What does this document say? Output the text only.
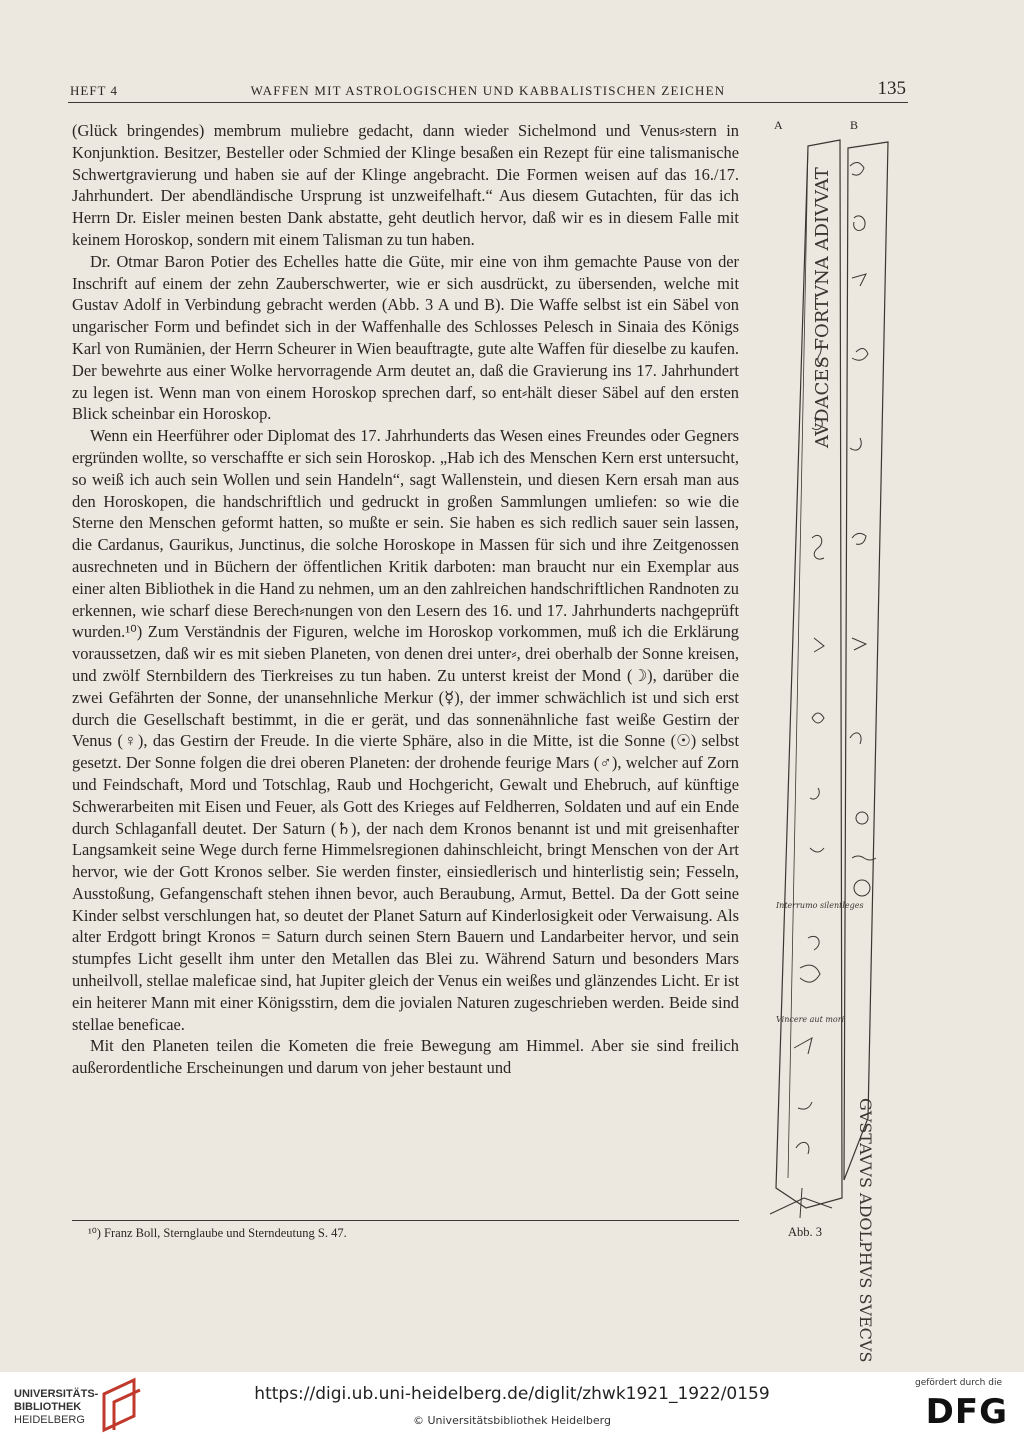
HEFT 4	WAFFEN MIT ASTROLOGISCHEN UND KABBALISTISCHEN ZEICHEN	135

(Glück bringendes) membrum muliebre gedacht, dann wieder Sichelmond und Venus⸗stern in Konjunktion. Besitzer, Besteller oder Schmied der Klinge besaßen ein Rezept für eine talismanische Schwertgravierung und haben sie auf der Klinge angebracht. Die Formen weisen auf das 16./17. Jahrhundert. Der abendländische Ursprung ist unzweifelhaft.“ Aus diesem Gutachten, für das ich Herrn Dr. Eisler meinen besten Dank abstatte, geht deutlich hervor, daß wir es in diesem Falle mit keinem Horoskop, sondern mit einem Talisman zu tun haben.

Dr. Otmar Baron Potier des Echelles hatte die Güte, mir eine von ihm gemachte Pause von der Inschrift auf einem der zehn Zauberschwerter, wie er sich ausdrückt, zu übersenden, welche mit Gustav Adolf in Verbindung gebracht werden (Abb. 3 A und B). Die Waffe selbst ist ein Säbel von ungarischer Form und befindet sich in der Waffenhalle des Schlosses Pelesch in Sinaia des Königs Karl von Rumänien, der Herrn Scheurer in Wien beauftragte, gute alte Waffen für dieselbe zu kaufen. Der bewehrte aus einer Wolke hervorragende Arm deutet an, daß die Gravierung ins 17. Jahrhundert zu legen ist. Wenn man von einem Horoskop sprechen darf, so ent⸗hält dieser Säbel auf den ersten Blick scheinbar ein Horoskop.

Wenn ein Heerführer oder Diplomat des 17. Jahrhunderts das Wesen eines Freundes oder Gegners ergründen wollte, so verschaffte er sich sein Horoskop. „Hab ich des Menschen Kern erst untersucht, so weiß ich auch sein Wollen und sein Handeln“, sagt Wallenstein, und diesen Kern ersah man aus den Horoskopen, die handschriftlich und gedruckt in großen Sammlungen umliefen: so wie die Sterne den Menschen geformt hatten, so mußte er sein. Sie haben es sich redlich sauer sein lassen, die Cardanus, Gaurikus, Junctinus, die solche Horoskope in Massen für sich und ihre Zeitgenossen ausrechneten und in Büchern der öffentlichen Kritik darboten: man braucht nur ein Exemplar aus einer alten Bibliothek in die Hand zu nehmen, um an den zahlreichen handschriftlichen Randnoten zu erkennen, wie scharf diese Berech⸗nungen von den Lesern des 16. und 17. Jahrhunderts nachgeprüft wurden.¹⁰) Zum Verständnis der Figuren, welche im Horoskop vorkommen, muß ich die Erklärung voraussetzen, daß wir es mit sieben Planeten, von denen drei unter⸗, drei oberhalb der Sonne kreisen, und zwölf Sternbildern des Tierkreises zu tun haben. Zu unterst kreist der Mond (☽), darüber die zwei Gefährten der Sonne, der unansehnliche Merkur (☿), der immer schwächlich ist und sich erst durch die Gesellschaft bestimmt, in die er gerät, und das sonnenähnliche fast weiße Gestirn der Venus (♀), das Gestirn der Freude. In die vierte Sphäre, also in die Mitte, ist die Sonne (☉) selbst gesetzt. Der Sonne folgen die drei oberen Planeten: der drohende feurige Mars (♂), welcher auf Zorn und Feindschaft, Mord und Totschlag, Raub und Hochgericht, Gewalt und Ehebruch, auf künftige Schwerarbeiten mit Eisen und Feuer, als Gott des Krieges auf Feldherren, Soldaten und auf ein Ende durch Schlaganfall deutet. Der Saturn (♄), der nach dem Kronos benannt ist und mit greisenhafter Langsamkeit seine Wege durch ferne Himmelsregionen dahinschleicht, bringt Menschen von der Art hervor, wie der Gott Kronos selber. Sie werden finster, einsiedlerisch und hinterlistig sein; Fesseln, Ausstoßung, Gefangenschaft stehen ihnen bevor, auch Beraubung, Armut, Bettel. Da der Gott seine Kinder selbst verschlungen hat, so deutet der Planet Saturn auf Kinderlosigkeit oder Verwaisung. Als alter Erdgott bringt Kronos = Saturn durch seinen Stern Bauern und Landarbeiter hervor, und sein stumpfes Licht gesellt ihm unter den Metallen das Blei zu. Während Saturn und besonders Mars unheilvoll, stellae maleficae sind, hat Jupiter gleich der Venus ein weißes und glänzendes Licht. Er ist ein heiterer Mann mit einer Königsstirn, dem die jovialen Naturen zugeschrieben werden. Beide sind stellae beneficae.

Mit den Planeten teilen die Kometen die freie Bewegung am Himmel. Aber sie sind freilich außerordentliche Erscheinungen und darum von jeher bestaunt und

¹⁰) Franz Boll, Sternglaube und Sterndeutung S. 47.
A	B
AVDACES FORTVNA ADIVVAT
GVSTAVVS ADOLPHVS SVECVS
Interrumo silentleges
Vincere aut mori
Abb. 3
UNIVERSITÄTS-
BIBLIOTHEK
HEIDELBERG
https://digi.ub.uni-heidelberg.de/diglit/zhwk1921_1922/0159
© Universitätsbibliothek Heidelberg
gefördert durch die
DFG
